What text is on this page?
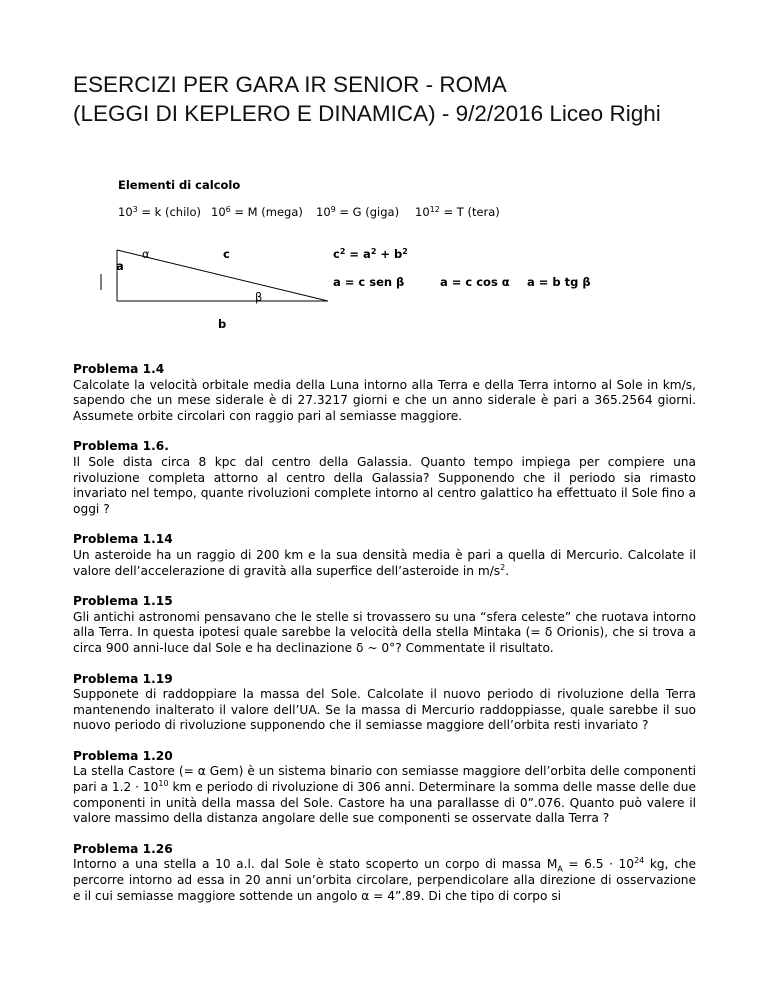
ESERCIZI PER GARA IR SENIOR - ROMA
(LEGGI DI KEPLERO E DINAMICA) - 9/2/2016 Liceo Righi
Elementi di calcolo
$10^3 = k$ (chilo) $10^6 = M$ (mega) $10^9 = G$ (giga) $10^{12} = T$ (tera)
α	c
a
β
b
$c^2 = a^2 + b^2$
a = c sen β	a = c cos α a = b tg β
Problema 1.4

Calcolate la velocità orbitale media della Luna intorno alla Terra e della Terra intorno al Sole in km/s, sapendo che un mese siderale è di 27.3217 giorni e che un anno siderale è pari a 365.2564 giorni. Assumete orbite circolari con raggio pari al semiasse maggiore.

Problema 1.6.

Il Sole dista circa 8 kpc dal centro della Galassia. Quanto tempo impiega per compiere una rivoluzione completa attorno al centro della Galassia? Supponendo che il periodo sia rimasto invariato nel tempo, quante rivoluzioni complete intorno al centro galattico ha effettuato il Sole fino a oggi ?

Problema 1.14

Un asteroide ha un raggio di 200 km e la sua densità media è pari a quella di Mercurio. Calcolate il valore dell’accelerazione di gravità alla superfice dell’asteroide in $m/s^2$.

Problema 1.15

Gli antichi astronomi pensavano che le stelle si trovassero su una “sfera celeste” che ruotava intorno alla Terra. In questa ipotesi quale sarebbe la velocità della stella Mintaka (= δ Orionis), che si trova a circa 900 anni-luce dal Sole e ha declinazione δ ~ 0°? Commentate il risultato.

Problema 1.19

Supponete di raddoppiare la massa del Sole. Calcolate il nuovo periodo di rivoluzione della Terra mantenendo inalterato il valore dell’UA. Se la massa di Mercurio raddoppiasse, quale sarebbe il suo nuovo periodo di rivoluzione supponendo che il semiasse maggiore dell’orbita resti invariato ?

Problema 1.20

La stella Castore (= α Gem) è un sistema binario con semiasse maggiore dell’orbita delle componenti pari a $1.2 \cdot 10^{10}$ km e periodo di rivoluzione di 306 anni. Determinare la somma delle masse delle due componenti in unità della massa del Sole. Castore ha una parallasse di 0”.076. Quanto può valere il valore massimo della distanza angolare delle sue componenti se osservate dalla Terra ?

Problema 1.26

Intorno a una stella a 10 a.l. dal Sole è stato scoperto un corpo di massa $M_A = 6.5 \cdot 10^{24}$ kg, che percorre intorno ad essa in 20 anni un’orbita circolare, perpendicolare alla direzione di osservazione e il cui semiasse maggiore sottende un angolo α = 4”.89. Di che tipo di corpo si
